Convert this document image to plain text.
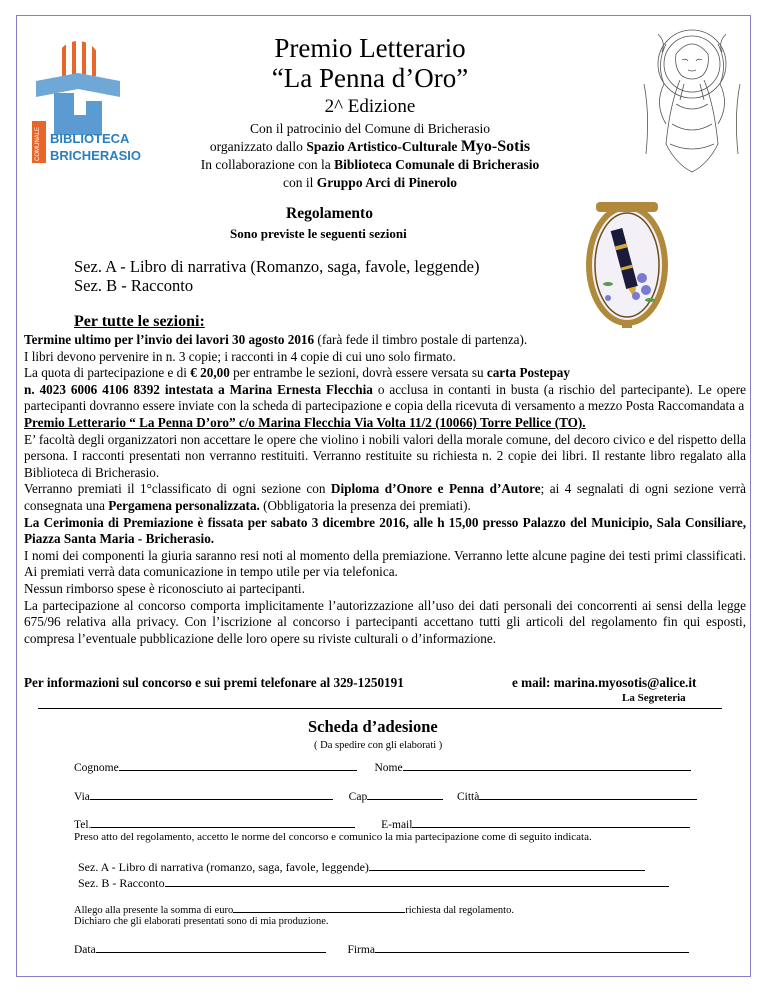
COMUNALE BIBLIOTECA
BRICHERASIO
Premio Letterario
“La Penna d’Oro”
2^ Edizione
Con il patrocinio del Comune di Bricherasio
organizzato dallo Spazio Artistico-Culturale Myo-Sotis
In collaborazione con la Biblioteca Comunale di Bricherasio
con il Gruppo Arci di Pinerolo
Regolamento
Sono previste le seguenti sezioni
Sez. A - Libro di narrativa (Romanzo, saga, favole, leggende)
Sez. B - Racconto
Per tutte le sezioni:

Termine ultimo per l’invio dei lavori 30 agosto 2016 (farà fede il timbro postale di partenza).

I libri devono pervenire in n. 3 copie; i racconti in 4 copie di cui uno solo firmato.

La quota di partecipazione e di € 20,00 per entrambe le sezioni, dovrà essere versata su carta Postepay
n. 4023 6006 4106 8392 intestata a Marina Ernesta Flecchia o acclusa in contanti in busta (a rischio del partecipante). Le opere partecipanti dovranno essere inviate con la scheda di partecipazione e copia della ricevuta di versamento a mezzo Posta Raccomandata a

Premio Letterario “ La Penna D’oro” c/o Marina Flecchia Via Volta 11/2 (10066) Torre Pellice (TO).

E’ facoltà degli organizzatori non accettare le opere che violino i nobili valori della morale comune, del decoro civico e del rispetto della persona. I racconti presentati non verranno restituiti. Verranno restituite su richiesta n. 2 copie dei libri. Il restante libro regalato alla Biblioteca di Bricherasio.

Verranno premiati il 1°classificato di ogni sezione con Diploma d’Onore e Penna d’Autore; ai 4 segnalati di ogni sezione verrà consegnata una Pergamena personalizzata. (Obbligatoria la presenza dei premiati).

La Cerimonia di Premiazione è fissata per sabato 3 dicembre 2016, alle h 15,00 presso Palazzo del Municipio, Sala Consiliare, Piazza Santa Maria - Bricherasio.

I nomi dei componenti la giuria saranno resi noti al momento della premiazione. Verranno lette alcune pagine dei testi primi classificati. Ai premiati verrà data comunicazione in tempo utile per via telefonica.

Nessun rimborso spese è riconosciuto ai partecipanti.

La partecipazione al concorso comporta implicitamente l’autorizzazione all’uso dei dati personali dei concorrenti ai sensi della legge 675/96 relativa alla privacy. Con l’iscrizione al concorso i partecipanti accettano tutti gli articoli del regolamento fin qui esposti, compresa l’eventuale pubblicazione delle loro opere su riviste culturali o d’informazione.

Per informazioni sul concorso e sui premi telefonare al 329-1250191	e mail: marina.myosotis@alice.it
La Segreteria
Scheda d’adesione
( Da spedire con gli elaborati )
Cognome	Nome
Via	Cap	Città
Tel.	E-mail
Preso atto del regolamento, accetto le norme del concorso e comunico la mia partecipazione come di seguito indicata.
Sez. A - Libro di narrativa (romanzo, saga, favole, leggende)
Sez. B - Racconto
Allego alla presente la somma di euro	richiesta dal regolamento.
Dichiaro che gli elaborati presentati sono di mia produzione.
Data	Firma
